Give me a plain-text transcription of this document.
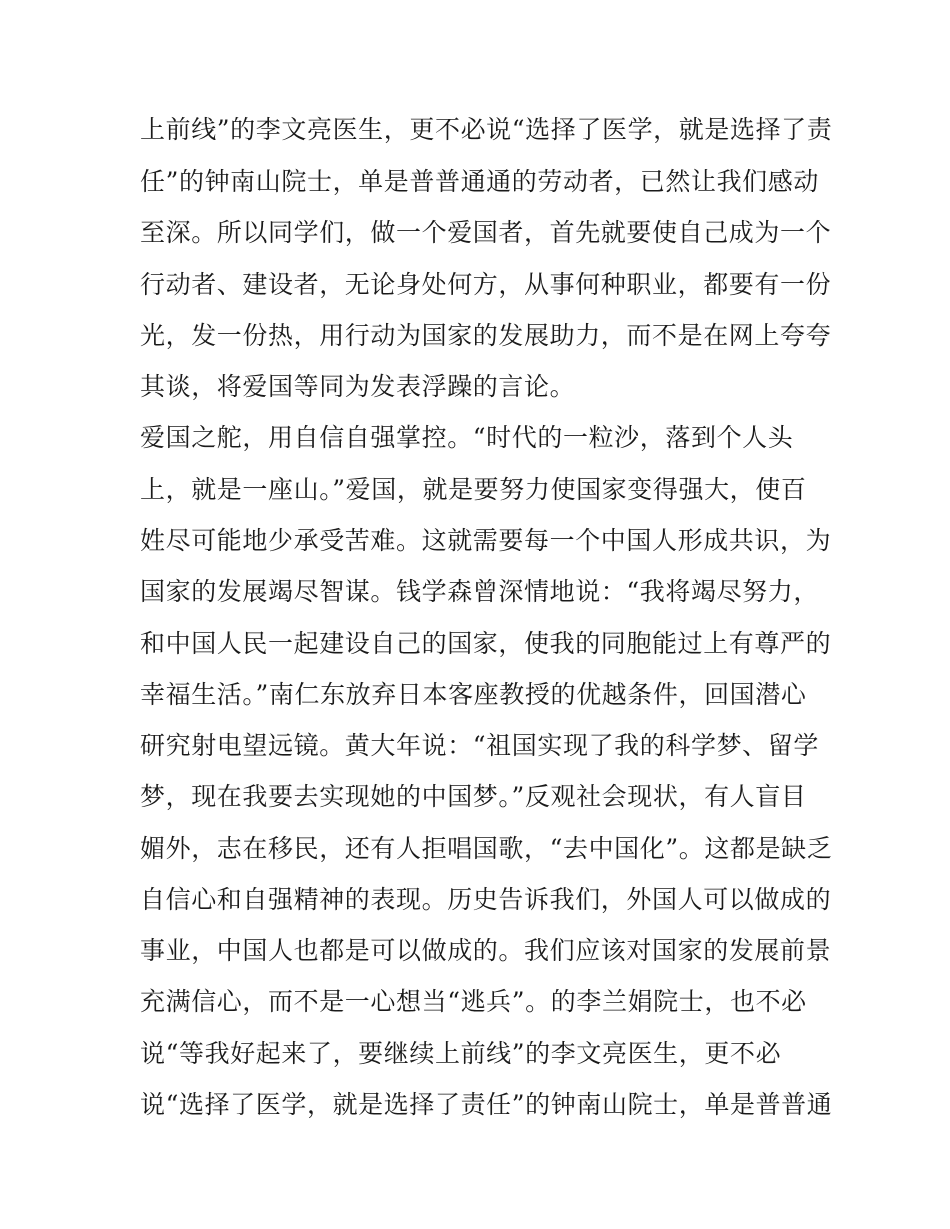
上前线”的李文亮医生，更不必说“选择了医学，就是选择了责
任”的钟南山院士，单是普普通通的劳动者，已然让我们感动
至深。所以同学们，做一个爱国者，首先就要使自己成为一个
行动者、建设者，无论身处何方，从事何种职业，都要有一份
光，发一份热，用行动为国家的发展助力，而不是在网上夸夸
其谈，将爱国等同为发表浮躁的言论。
爱国之舵，用自信自强掌控。“时代的一粒沙，落到个人头
上，就是一座山。”爱国，就是要努力使国家变得强大，使百
姓尽可能地少承受苦难。这就需要每一个中国人形成共识，为
国家的发展竭尽智谋。钱学森曾深情地说：“我将竭尽努力，
和中国人民一起建设自己的国家，使我的同胞能过上有尊严的
幸福生活。”南仁东放弃日本客座教授的优越条件，回国潜心
研究射电望远镜。黄大年说：“祖国实现了我的科学梦、留学
梦，现在我要去实现她的中国梦。”反观社会现状，有人盲目
媚外，志在移民，还有人拒唱国歌，“去中国化”。这都是缺乏
自信心和自强精神的表现。历史告诉我们，外国人可以做成的
事业，中国人也都是可以做成的。我们应该对国家的发展前景
充满信心，而不是一心想当“逃兵”。的李兰娟院士，也不必
说“等我好起来了，要继续上前线”的李文亮医生，更不必
说“选择了医学，就是选择了责任”的钟南山院士，单是普普通
